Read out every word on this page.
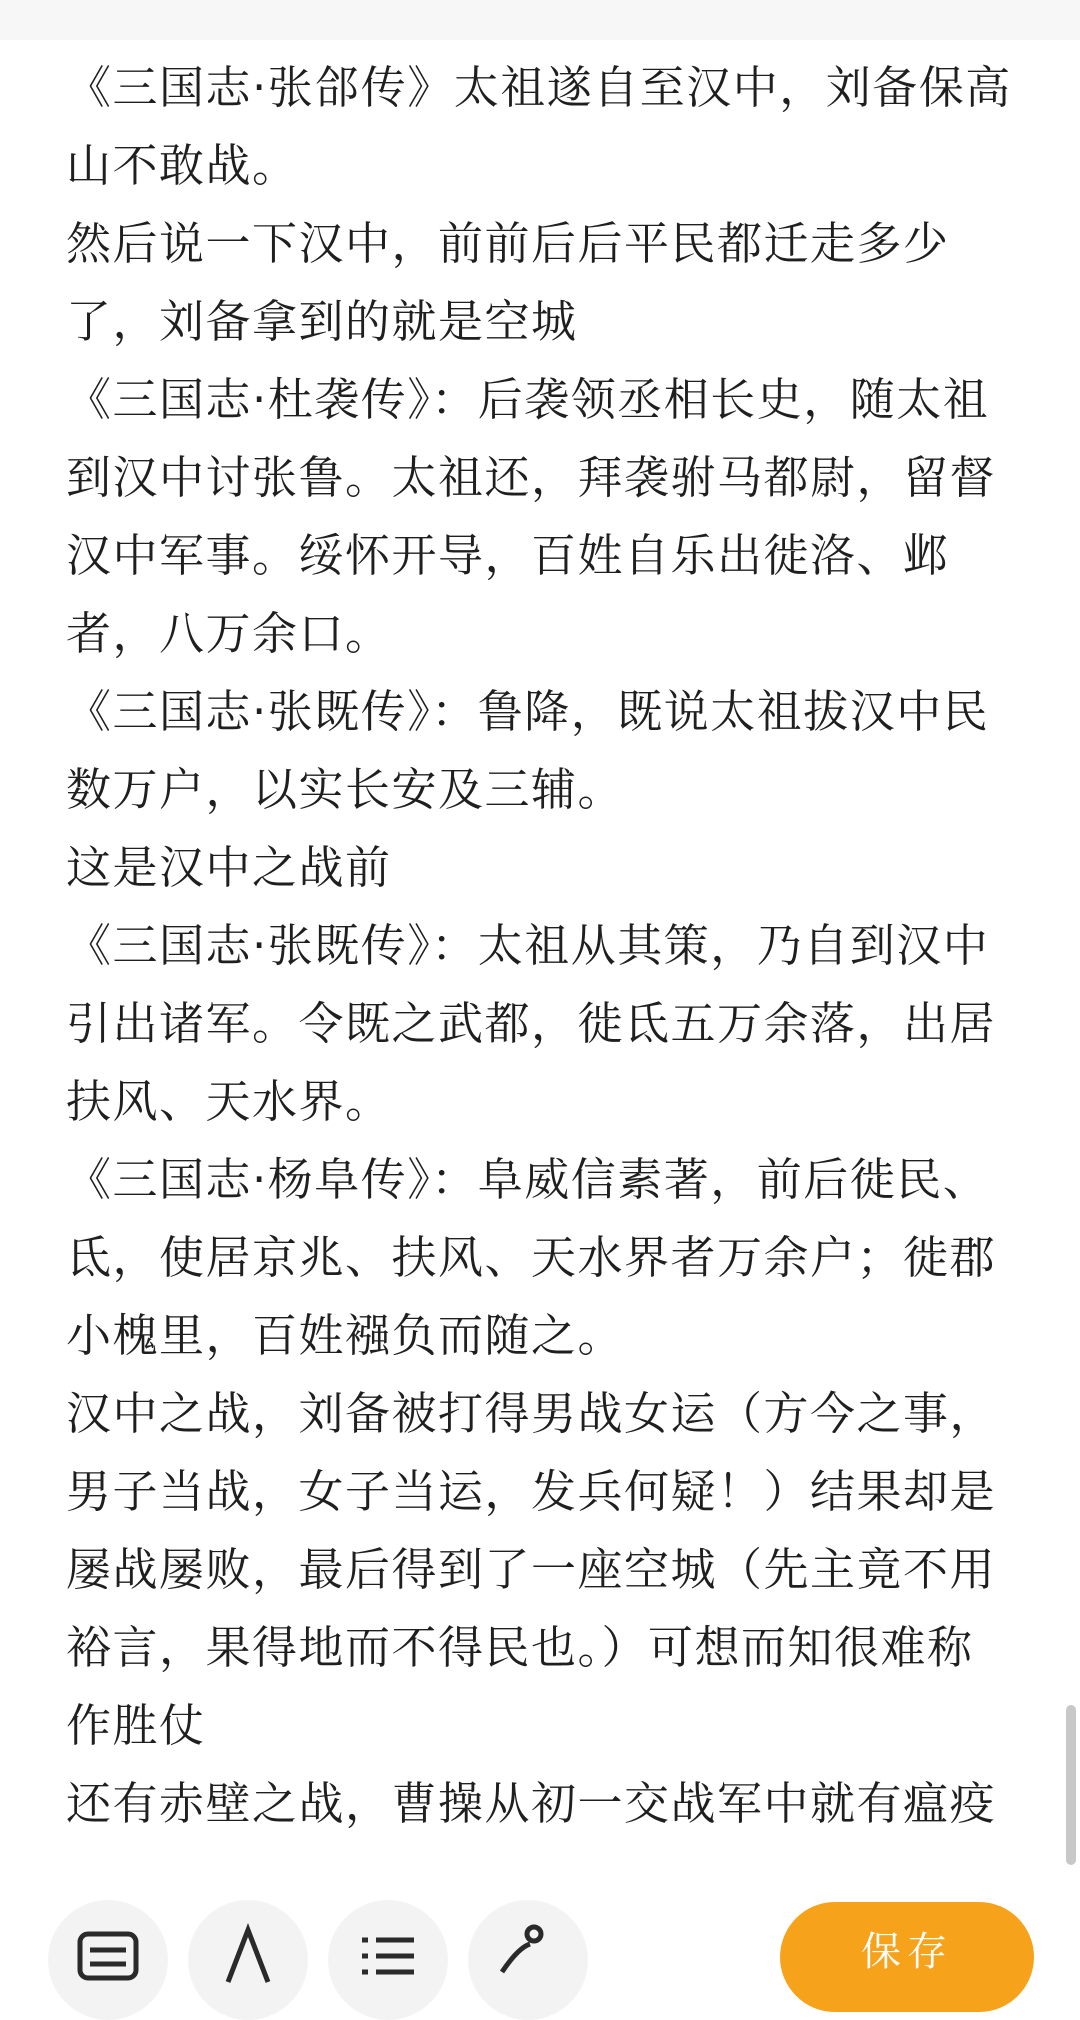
《三国志·张郃传》太祖遂自至汉中，刘备保高山不敢战。

然后说一下汉中，前前后后平民都迁走多少了，刘备拿到的就是空城

《三国志·杜袭传》：后袭领丞相长史，随太祖到汉中讨张鲁。太祖还，拜袭驸马都尉，留督汉中军事。绥怀开导，百姓自乐出徙洛、邺者，八万余口。

《三国志·张既传》：鲁降，既说太祖拔汉中民数万户，以实长安及三辅。

这是汉中之战前

《三国志·张既传》：太祖从其策，乃自到汉中引出诸军。令既之武都，徙氐五万余落，出居扶风、天水界。

《三国志·杨阜传》：阜威信素著，前后徙民、氐，使居京兆、扶风、天水界者万余户；徙郡小槐里，百姓襁负而随之。

汉中之战，刘备被打得男战女运（方今之事，男子当战，女子当运，发兵何疑！）结果却是屡战屡败，最后得到了一座空城（先主竟不用裕言，果得地而不得民也。）可想而知很难称作胜仗

还有赤壁之战，曹操从初一交战军中就有瘟疫

保存
